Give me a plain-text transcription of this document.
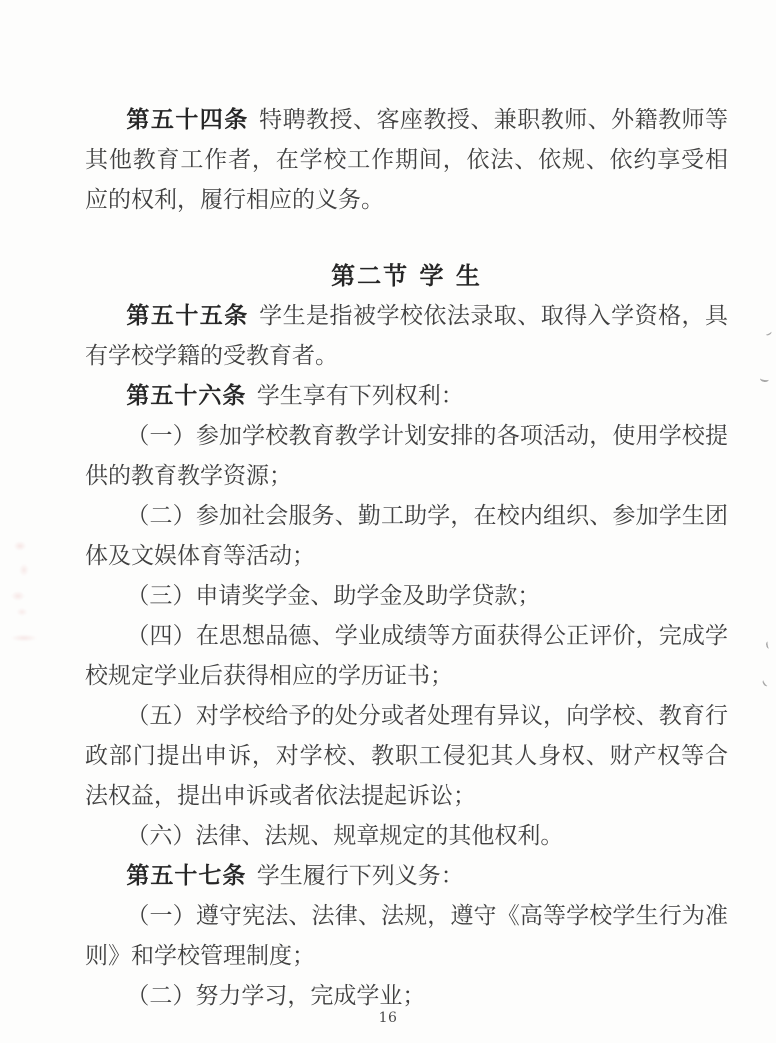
第五十四条 特聘教授、客座教授、兼职教师、外籍教师等其他教育工作者，在学校工作期间，依法、依规、依约享受相应的权利，履行相应的义务。

第二节 学 生

第五十五条 学生是指被学校依法录取、取得入学资格，具有学校学籍的受教育者。

第五十六条 学生享有下列权利：

（一）参加学校教育教学计划安排的各项活动，使用学校提供的教育教学资源；

（二）参加社会服务、勤工助学，在校内组织、参加学生团体及文娱体育等活动；

（三）申请奖学金、助学金及助学贷款；

（四）在思想品德、学业成绩等方面获得公正评价，完成学校规定学业后获得相应的学历证书；

（五）对学校给予的处分或者处理有异议，向学校、教育行政部门提出申诉，对学校、教职工侵犯其人身权、财产权等合法权益，提出申诉或者依法提起诉讼；

（六）法律、法规、规章规定的其他权利。

第五十七条 学生履行下列义务：

（一）遵守宪法、法律、法规，遵守《高等学校学生行为准则》和学校管理制度；

（二）努力学习，完成学业；

16
